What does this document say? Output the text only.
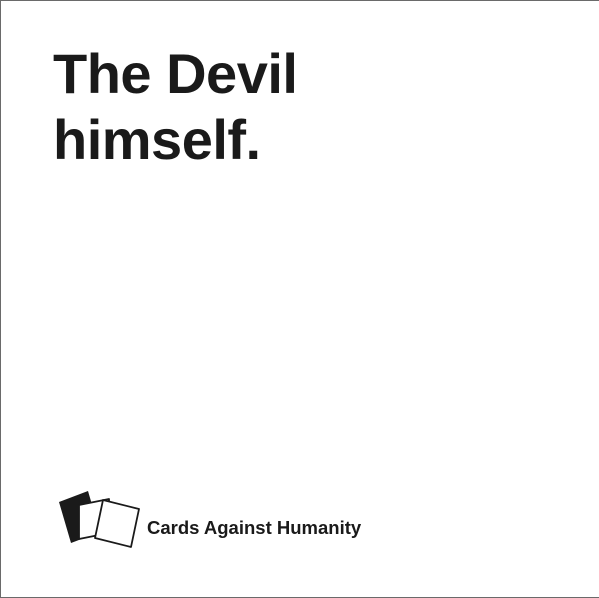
The Devil
himself.

Cards Against Humanity
